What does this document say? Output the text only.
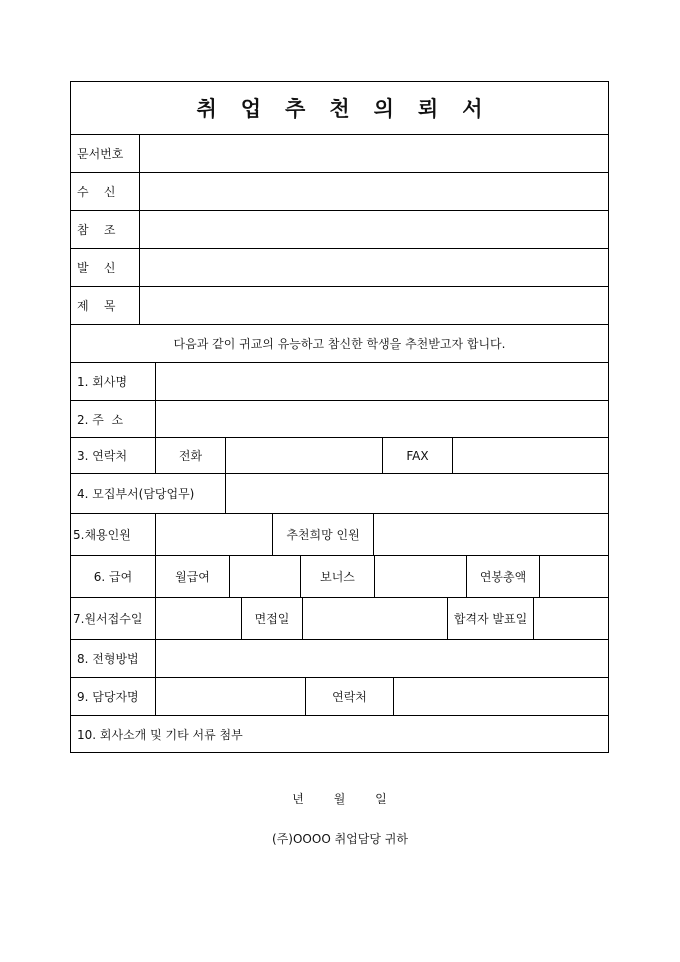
취업추천의뢰서
문서번호
수    신
참    조
발    신
제    목
다음과 같이 귀교의 유능하고 참신한 학생을 추천받고자 합니다.
1. 회사명
2. 주  소
3. 연락처	전화	FAX
4. 모집부서(담당업무)
5.채용인원	추천희망 인원
6. 급여	월급여	보너스	연봉총액
7.원서접수일	면접일	합격자 발표일
8. 전형방법
9. 담당자명	연락처
10. 회사소개 및 기타 서류 첨부
년 월 일
(주)OOOO 취업담당 귀하
